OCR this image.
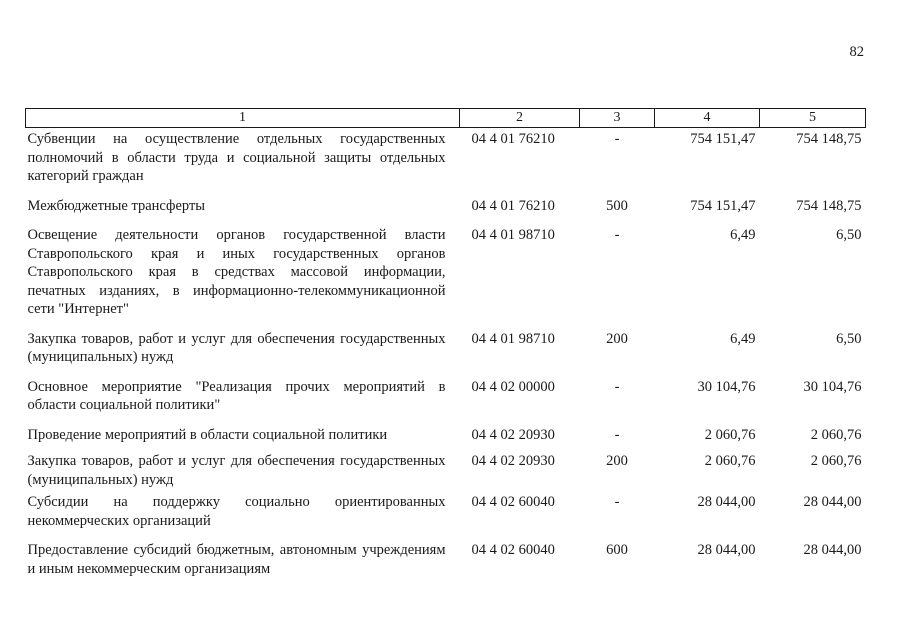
82
1	2	3	4	5
Субвенции на осуществление отдельных государственных полномочий в области труда и социальной защиты отдельных категорий граждан	04 4 01 76210	-	754 151,47	754 148,75
Межбюджетные трансферты	04 4 01 76210	500	754 151,47	754 148,75
Освещение деятельности органов государственной власти Ставропольского края и иных государственных органов Ставропольского края в средствах массовой информации, печатных изданиях, в информационно-телекоммуникационной сети "Интернет"	04 4 01 98710	-	6,49	6,50
Закупка товаров, работ и услуг для обеспечения государственных (муниципальных) нужд	04 4 01 98710	200	6,49	6,50
Основное мероприятие "Реализация прочих мероприятий в области социальной политики"	04 4 02 00000	-	30 104,76	30 104,76
Проведение мероприятий в области социальной политики	04 4 02 20930	-	2 060,76	2 060,76
Закупка товаров, работ и услуг для обеспечения государственных (муниципальных) нужд	04 4 02 20930	200	2 060,76	2 060,76
Субсидии на поддержку социально ориентированных некоммерческих организаций	04 4 02 60040	-	28 044,00	28 044,00
Предоставление субсидий бюджетным, автономным учреждениям и иным некоммерческим организациям	04 4 02 60040	600	28 044,00	28 044,00
